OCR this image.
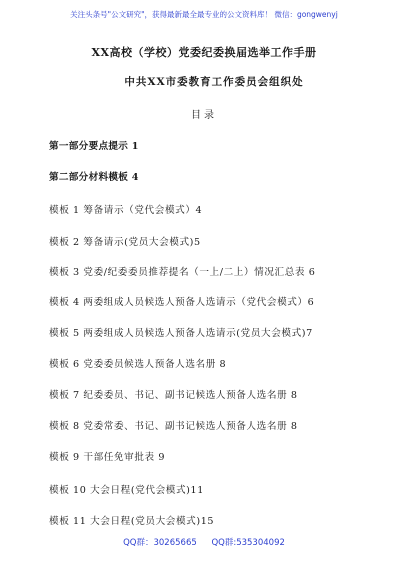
关注头条号"公文研究"，获得最新最全最专业的公文资料库！ 微信：gongwenyj
XX高校（学校）党委纪委换届选举工作手册
中共XX市委教育工作委员会组织处
目录
第一部分要点提示 1
第二部分材料模板 4
模板 1 筹备请示（党代会模式）4
模板 2 筹备请示(党员大会模式)5
模板 3 党委/纪委委员推荐提名（一上/二上）情况汇总表 6
模板 4 两委组成人员候选人预备人选请示（党代会模式）6
模板 5 两委组成人员候选人预备人选请示(党员大会模式)7
模板 6 党委委员候选人预备人选名册 8
模板 7 纪委委员、书记、副书记候选人预备人选名册 8
模板 8 党委常委、书记、副书记候选人预备人选名册 8
模板 9 干部任免审批表 9
模板 10 大会日程(党代会模式)11
模板 11 大会日程(党员大会模式)15
QQ群：30265665 QQ群:535304092
